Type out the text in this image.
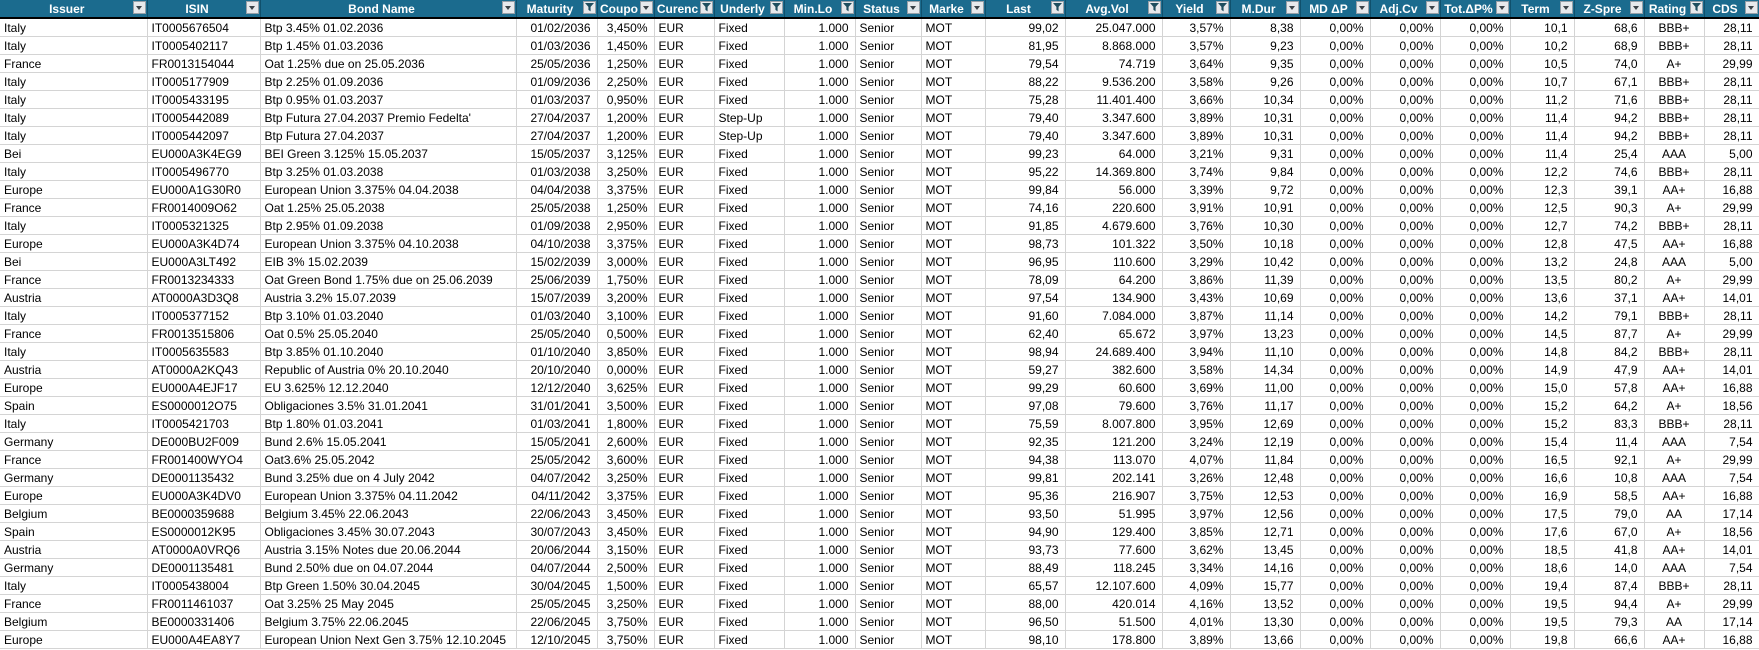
Issuer	ISIN	Bond Name	Maturity	Coupo	Curenc	Underly	Min.Lo	Status	Marke	Last	Avg.Vol	Yield	M.Dur	MD ΔP	Adj.Cv	Tot.ΔP%	Term	Z-Spre	Rating	CDS

Italy	IT0005676504	Btp 3.45% 01.02.2036	01/02/2036	3,450%	EUR	Fixed	1.000	Senior	MOT	99,02	25.047.000	3,57%	8,38	0,00%	0,00%	0,00%	10,1	68,6	BBB+	28,11
Italy	IT0005402117	Btp 1.45% 01.03.2036	01/03/2036	1,450%	EUR	Fixed	1.000	Senior	MOT	81,95	8.868.000	3,57%	9,23	0,00%	0,00%	0,00%	10,2	68,9	BBB+	28,11
France	FR0013154044	Oat 1.25% due on 25.05.2036	25/05/2036	1,250%	EUR	Fixed	1.000	Senior	MOT	79,54	74.719	3,64%	9,35	0,00%	0,00%	0,00%	10,5	74,0	A+	29,99
Italy	IT0005177909	Btp 2.25% 01.09.2036	01/09/2036	2,250%	EUR	Fixed	1.000	Senior	MOT	88,22	9.536.200	3,58%	9,26	0,00%	0,00%	0,00%	10,7	67,1	BBB+	28,11
Italy	IT0005433195	Btp 0.95% 01.03.2037	01/03/2037	0,950%	EUR	Fixed	1.000	Senior	MOT	75,28	11.401.400	3,66%	10,34	0,00%	0,00%	0,00%	11,2	71,6	BBB+	28,11
Italy	IT0005442089	Btp Futura 27.04.2037 Premio Fedelta'	27/04/2037	1,200%	EUR	Step-Up	1.000	Senior	MOT	79,40	3.347.600	3,89%	10,31	0,00%	0,00%	0,00%	11,4	94,2	BBB+	28,11
Italy	IT0005442097	Btp Futura 27.04.2037	27/04/2037	1,200%	EUR	Step-Up	1.000	Senior	MOT	79,40	3.347.600	3,89%	10,31	0,00%	0,00%	0,00%	11,4	94,2	BBB+	28,11
Bei	EU000A3K4EG9	BEI Green 3.125% 15.05.2037	15/05/2037	3,125%	EUR	Fixed	1.000	Senior	MOT	99,23	64.000	3,21%	9,31	0,00%	0,00%	0,00%	11,4	25,4	AAA	5,00
Italy	IT0005496770	Btp 3.25% 01.03.2038	01/03/2038	3,250%	EUR	Fixed	1.000	Senior	MOT	95,22	14.369.800	3,74%	9,84	0,00%	0,00%	0,00%	12,2	74,6	BBB+	28,11
Europe	EU000A1G30R0	European Union 3.375% 04.04.2038	04/04/2038	3,375%	EUR	Fixed	1.000	Senior	MOT	99,84	56.000	3,39%	9,72	0,00%	0,00%	0,00%	12,3	39,1	AA+	16,88
France	FR0014009O62	Oat 1.25% 25.05.2038	25/05/2038	1,250%	EUR	Fixed	1.000	Senior	MOT	74,16	220.600	3,91%	10,91	0,00%	0,00%	0,00%	12,5	90,3	A+	29,99
Italy	IT0005321325	Btp 2.95% 01.09.2038	01/09/2038	2,950%	EUR	Fixed	1.000	Senior	MOT	91,85	4.679.600	3,76%	10,30	0,00%	0,00%	0,00%	12,7	74,2	BBB+	28,11
Europe	EU000A3K4D74	European Union 3.375% 04.10.2038	04/10/2038	3,375%	EUR	Fixed	1.000	Senior	MOT	98,73	101.322	3,50%	10,18	0,00%	0,00%	0,00%	12,8	47,5	AA+	16,88
Bei	EU000A3LT492	EIB 3% 15.02.2039	15/02/2039	3,000%	EUR	Fixed	1.000	Senior	MOT	96,95	110.600	3,29%	10,42	0,00%	0,00%	0,00%	13,2	24,8	AAA	5,00
France	FR0013234333	Oat Green Bond 1.75% due on 25.06.2039	25/06/2039	1,750%	EUR	Fixed	1.000	Senior	MOT	78,09	64.200	3,86%	11,39	0,00%	0,00%	0,00%	13,5	80,2	A+	29,99
Austria	AT0000A3D3Q8	Austria 3.2% 15.07.2039	15/07/2039	3,200%	EUR	Fixed	1.000	Senior	MOT	97,54	134.900	3,43%	10,69	0,00%	0,00%	0,00%	13,6	37,1	AA+	14,01
Italy	IT0005377152	Btp 3.10% 01.03.2040	01/03/2040	3,100%	EUR	Fixed	1.000	Senior	MOT	91,60	7.084.000	3,87%	11,14	0,00%	0,00%	0,00%	14,2	79,1	BBB+	28,11
France	FR0013515806	Oat 0.5% 25.05.2040	25/05/2040	0,500%	EUR	Fixed	1.000	Senior	MOT	62,40	65.672	3,97%	13,23	0,00%	0,00%	0,00%	14,5	87,7	A+	29,99
Italy	IT0005635583	Btp 3.85% 01.10.2040	01/10/2040	3,850%	EUR	Fixed	1.000	Senior	MOT	98,94	24.689.400	3,94%	11,10	0,00%	0,00%	0,00%	14,8	84,2	BBB+	28,11
Austria	AT0000A2KQ43	Republic of Austria 0% 20.10.2040	20/10/2040	0,000%	EUR	Fixed	1.000	Senior	MOT	59,27	382.600	3,58%	14,34	0,00%	0,00%	0,00%	14,9	47,9	AA+	14,01
Europe	EU000A4EJF17	EU 3.625% 12.12.2040	12/12/2040	3,625%	EUR	Fixed	1.000	Senior	MOT	99,29	60.600	3,69%	11,00	0,00%	0,00%	0,00%	15,0	57,8	AA+	16,88
Spain	ES0000012O75	Obligaciones 3.5% 31.01.2041	31/01/2041	3,500%	EUR	Fixed	1.000	Senior	MOT	97,08	79.600	3,76%	11,17	0,00%	0,00%	0,00%	15,2	64,2	A+	18,56
Italy	IT0005421703	Btp 1.80% 01.03.2041	01/03/2041	1,800%	EUR	Fixed	1.000	Senior	MOT	75,59	8.007.800	3,95%	12,69	0,00%	0,00%	0,00%	15,2	83,3	BBB+	28,11
Germany	DE000BU2F009	Bund 2.6% 15.05.2041	15/05/2041	2,600%	EUR	Fixed	1.000	Senior	MOT	92,35	121.200	3,24%	12,19	0,00%	0,00%	0,00%	15,4	11,4	AAA	7,54
France	FR001400WYO4	Oat3.6% 25.05.2042	25/05/2042	3,600%	EUR	Fixed	1.000	Senior	MOT	94,38	113.070	4,07%	11,84	0,00%	0,00%	0,00%	16,5	92,1	A+	29,99
Germany	DE0001135432	Bund 3.25% due on 4 July 2042	04/07/2042	3,250%	EUR	Fixed	1.000	Senior	MOT	99,81	202.141	3,26%	12,48	0,00%	0,00%	0,00%	16,6	10,8	AAA	7,54
Europe	EU000A3K4DV0	European Union 3.375% 04.11.2042	04/11/2042	3,375%	EUR	Fixed	1.000	Senior	MOT	95,36	216.907	3,75%	12,53	0,00%	0,00%	0,00%	16,9	58,5	AA+	16,88
Belgium	BE0000359688	Belgium 3.45% 22.06.2043	22/06/2043	3,450%	EUR	Fixed	1.000	Senior	MOT	93,50	51.995	3,97%	12,56	0,00%	0,00%	0,00%	17,5	79,0	AA	17,14
Spain	ES0000012K95	Obligaciones 3.45% 30.07.2043	30/07/2043	3,450%	EUR	Fixed	1.000	Senior	MOT	94,90	129.400	3,85%	12,71	0,00%	0,00%	0,00%	17,6	67,0	A+	18,56
Austria	AT0000A0VRQ6	Austria 3.15% Notes due 20.06.2044	20/06/2044	3,150%	EUR	Fixed	1.000	Senior	MOT	93,73	77.600	3,62%	13,45	0,00%	0,00%	0,00%	18,5	41,8	AA+	14,01
Germany	DE0001135481	Bund 2.50% due on 04.07.2044	04/07/2044	2,500%	EUR	Fixed	1.000	Senior	MOT	88,49	118.245	3,34%	14,16	0,00%	0,00%	0,00%	18,6	14,0	AAA	7,54
Italy	IT0005438004	Btp Green 1.50% 30.04.2045	30/04/2045	1,500%	EUR	Fixed	1.000	Senior	MOT	65,57	12.107.600	4,09%	15,77	0,00%	0,00%	0,00%	19,4	87,4	BBB+	28,11
France	FR0011461037	Oat 3.25% 25 May 2045	25/05/2045	3,250%	EUR	Fixed	1.000	Senior	MOT	88,00	420.014	4,16%	13,52	0,00%	0,00%	0,00%	19,5	94,4	A+	29,99
Belgium	BE0000331406	Belgium 3.75% 22.06.2045	22/06/2045	3,750%	EUR	Fixed	1.000	Senior	MOT	96,50	51.500	4,01%	13,30	0,00%	0,00%	0,00%	19,5	79,3	AA	17,14
Europe	EU000A4EA8Y7	European Union Next Gen 3.75% 12.10.2045	12/10/2045	3,750%	EUR	Fixed	1.000	Senior	MOT	98,10	178.800	3,89%	13,66	0,00%	0,00%	0,00%	19,8	66,6	AA+	16,88
